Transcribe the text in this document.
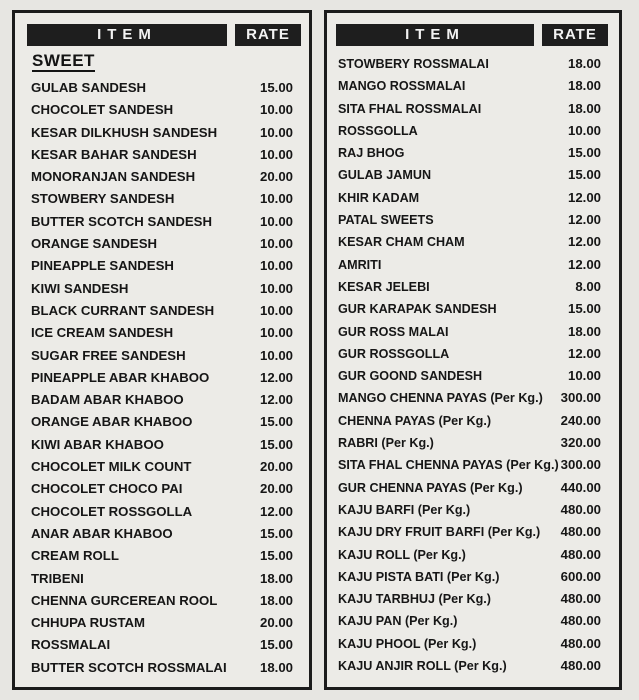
ITEM	RATE
SWEET
GULAB SANDESH	15.00
CHOCOLET SANDESH	10.00
KESAR DILKHUSH SANDESH	10.00
KESAR BAHAR SANDESH	10.00
MONORANJAN SANDESH	20.00
STOWBERY SANDESH	10.00
BUTTER SCOTCH SANDESH	10.00
ORANGE SANDESH	10.00
PINEAPPLE SANDESH	10.00
KIWI SANDESH	10.00
BLACK CURRANT SANDESH	10.00
ICE CREAM SANDESH	10.00
SUGAR FREE SANDESH	10.00
PINEAPPLE ABAR KHABOO	12.00
BADAM ABAR KHABOO	12.00
ORANGE ABAR KHABOO	15.00
KIWI ABAR KHABOO	15.00
CHOCOLET MILK COUNT	20.00
CHOCOLET CHOCO PAI	20.00
CHOCOLET ROSSGOLLA	12.00
ANAR ABAR KHABOO	15.00
CREAM ROLL	15.00
TRIBENI	18.00
CHENNA GURCEREAN ROOL	18.00
CHHUPA RUSTAM	20.00
ROSSMALAI	15.00
BUTTER SCOTCH ROSSMALAI	18.00
ITEM	RATE
STOWBERY ROSSMALAI	18.00
MANGO ROSSMALAI	18.00
SITA FHAL ROSSMALAI	18.00
ROSSGOLLA	10.00
RAJ BHOG	15.00
GULAB JAMUN	15.00
KHIR KADAM	12.00
PATAL SWEETS	12.00
KESAR CHAM CHAM	12.00
AMRITI	12.00
KESAR JELEBI	8.00
GUR KARAPAK SANDESH	15.00
GUR ROSS MALAI	18.00
GUR ROSSGOLLA	12.00
GUR GOOND SANDESH	10.00
MANGO CHENNA PAYAS (Per Kg.) 300.00
CHENNA PAYAS (Per Kg.)	240.00
RABRI (Per Kg.)	320.00
SITA FHAL CHENNA PAYAS (Per Kg.) 300.00
GUR CHENNA PAYAS (Per Kg.)	440.00
KAJU BARFI (Per Kg.)	480.00
KAJU DRY FRUIT BARFI (Per Kg.) 480.00
KAJU ROLL (Per Kg.)	480.00
KAJU PISTA BATI (Per Kg.)	600.00
KAJU TARBHUJ (Per Kg.)	480.00
KAJU PAN (Per Kg.)	480.00
KAJU PHOOL (Per Kg.)	480.00
KAJU ANJIR ROLL (Per Kg.)	480.00
